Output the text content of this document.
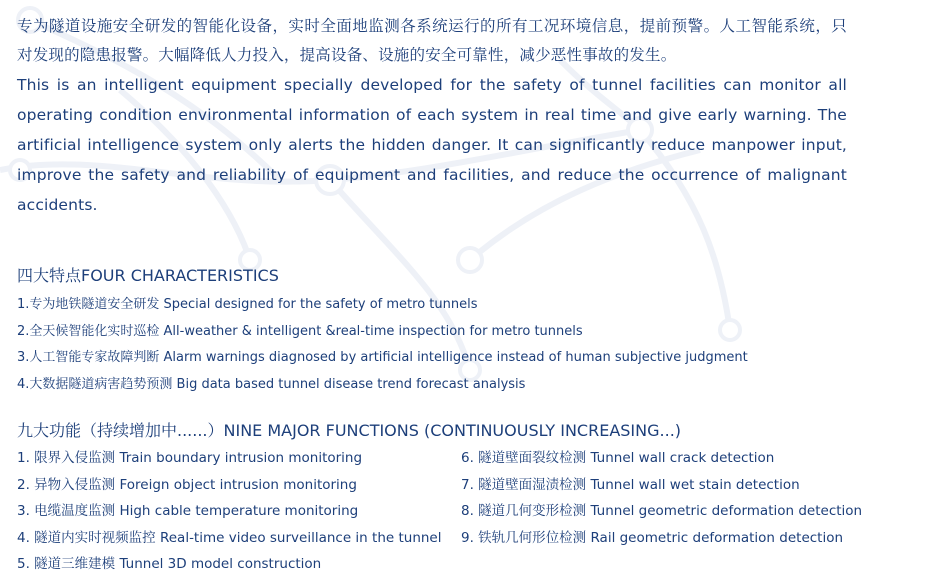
专为隧道设施安全研发的智能化设备，实时全面地监测各系统运行的所有工况环境信息，提前预警。人工智能系统，只对发现的隐患报警。大幅降低人力投入，提高设备、设施的安全可靠性，减少恶性事故的发生。

This is an intelligent equipment specially developed for the safety of tunnel facilities can monitor all operating condition environmental information of each system in real time and give early warning. The artificial intelligence system only alerts the hidden danger. It can significantly reduce manpower input, improve the safety and reliability of equipment and facilities, and reduce the occurrence of malignant accidents.

四大特点FOUR CHARACTERISTICS
1.专为地铁隧道安全研发 Special designed for the safety of metro tunnels
2.全天候智能化实时巡检 All-weather & intelligent &real-time inspection for metro tunnels
3.人工智能专家故障判断 Alarm warnings diagnosed by artificial intelligence instead of human subjective judgment
4.大数据隧道病害趋势预测 Big data based tunnel disease trend forecast analysis
九大功能（持续增加中......）NINE MAJOR FUNCTIONS (CONTINUOUSLY INCREASING...)
1. 限界入侵监测 Train boundary intrusion monitoring
2. 异物入侵监测 Foreign object intrusion monitoring
3. 电缆温度监测 High cable temperature monitoring
4. 隧道内实时视频监控 Real-time video surveillance in the tunnel
5. 隧道三维建模 Tunnel 3D model construction
6. 隧道壁面裂纹检测 Tunnel wall crack detection
7. 隧道壁面湿渍检测 Tunnel wall wet stain detection
8. 隧道几何变形检测 Tunnel geometric deformation detection
9. 铁轨几何形位检测 Rail geometric deformation detection
